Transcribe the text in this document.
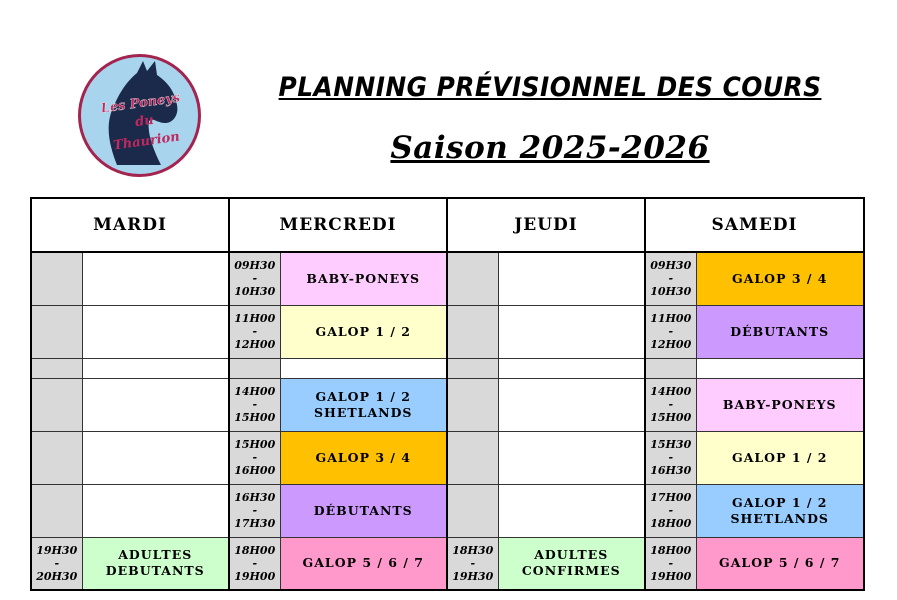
Les Poneys
du
Thaurion
PLANNING PRÉVISIONNEL DES COURS
Saison 2025-2026
MARDI		MERCREDI		JEUDI		SAMEDI	

		09H30
-
10H30	BABY-PONEYS			09H30
-
10H30	GALOP 3 / 4

		11H00
-
12H00	GALOP 1 / 2			11H00
-
12H00	DÉBUTANTS

		14H00
-
15H00	GALOP 1 / 2
SHETLANDS			14H00
-
15H00	BABY-PONEYS

		15H00
-
16H00	GALOP 3 / 4			15H30
-
16H30	GALOP 1 / 2

		16H30
-
17H30	DÉBUTANTS			17H00
-
18H00	GALOP 1 / 2
SHETLANDS

19H30
-
20H30	ADULTES
DEBUTANTS	18H00
-
19H00	GALOP 5 / 6 / 7	18H30
-
19H30	ADULTES
CONFIRMES	18H00
-
19H00	GALOP 5 / 6 / 7
